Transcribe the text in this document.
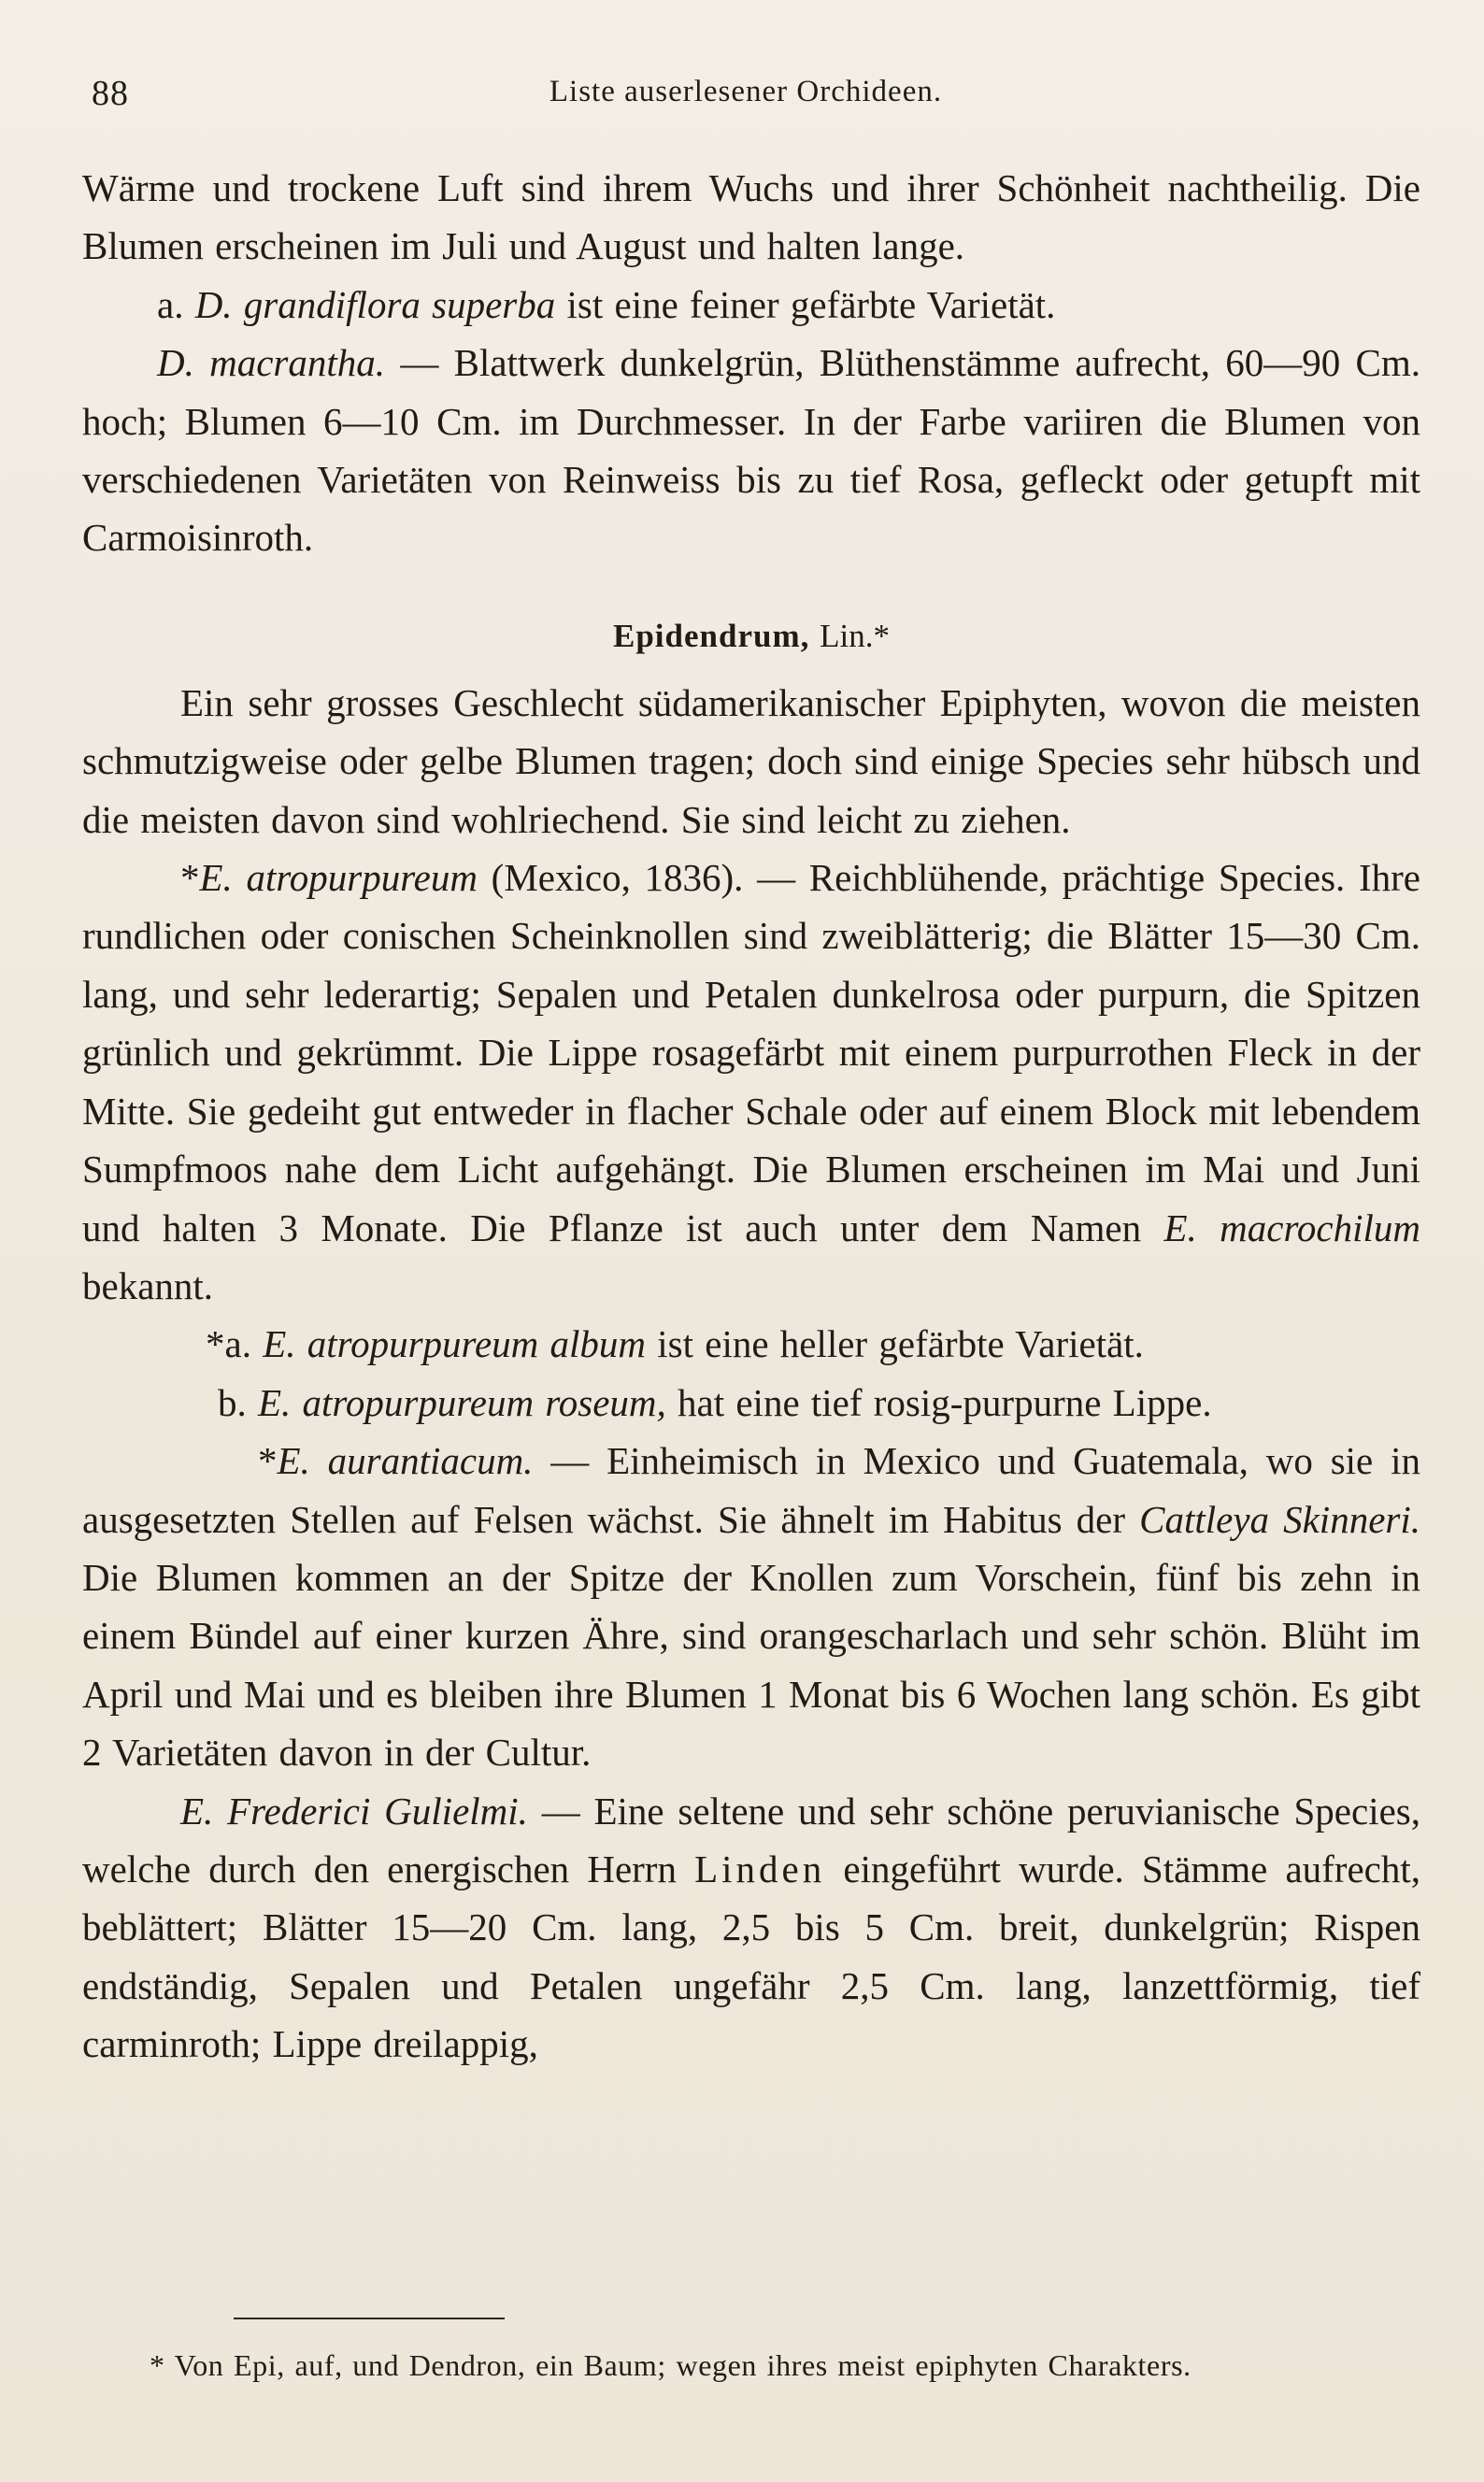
88	Liste auserlesener Orchideen.

Wärme und trockene Luft sind ihrem Wuchs und ihrer Schönheit nachtheilig. Die Blumen erscheinen im Juli und August und halten lange.

a. D. grandiflora superba ist eine feiner gefärbte Varietät.

D. macrantha. — Blattwerk dunkelgrün, Blüthenstämme aufrecht, 60—90 Cm. hoch; Blumen 6—10 Cm. im Durchmesser. In der Farbe variiren die Blumen von verschiedenen Varietäten von Reinweiss bis zu tief Rosa, gefleckt oder getupft mit Carmoisinroth.

Epidendrum, Lin.*

Ein sehr grosses Geschlecht südamerikanischer Epiphyten, wovon die meisten schmutzigweise oder gelbe Blumen tragen; doch sind einige Species sehr hübsch und die meisten davon sind wohlriechend. Sie sind leicht zu ziehen.

*E. atropurpureum (Mexico, 1836). — Reichblühende, prächtige Species. Ihre rundlichen oder conischen Scheinknollen sind zweiblätterig; die Blätter 15—30 Cm. lang, und sehr lederartig; Sepalen und Petalen dunkelrosa oder purpurn, die Spitzen grünlich und gekrümmt. Die Lippe rosagefärbt mit einem purpurrothen Fleck in der Mitte. Sie gedeiht gut entweder in flacher Schale oder auf einem Block mit lebendem Sumpfmoos nahe dem Licht aufgehängt. Die Blumen erscheinen im Mai und Juni und halten 3 Monate. Die Pflanze ist auch unter dem Namen E. macrochilum bekannt.

*a. E. atropurpureum album ist eine heller gefärbte Varietät.

b. E. atropurpureum roseum, hat eine tief rosig-purpurne Lippe.

*E. aurantiacum. — Einheimisch in Mexico und Guatemala, wo sie in ausgesetzten Stellen auf Felsen wächst. Sie ähnelt im Habitus der Cattleya Skinneri. Die Blumen kommen an der Spitze der Knollen zum Vorschein, fünf bis zehn in einem Bündel auf einer kurzen Ähre, sind orangescharlach und sehr schön. Blüht im April und Mai und es bleiben ihre Blumen 1 Monat bis 6 Wochen lang schön. Es gibt 2 Varietäten davon in der Cultur.

E. Frederici Gulielmi. — Eine seltene und sehr schöne peruvianische Species, welche durch den energischen Herrn Linden eingeführt wurde. Stämme aufrecht, beblättert; Blätter 15—20 Cm. lang, 2,5 bis 5 Cm. breit, dunkelgrün; Rispen endständig, Sepalen und Petalen ungefähr 2,5 Cm. lang, lanzettförmig, tief carminroth; Lippe dreilappig,

* Von Epi, auf, und Dendron, ein Baum; wegen ihres meist epiphyten Charakters.
